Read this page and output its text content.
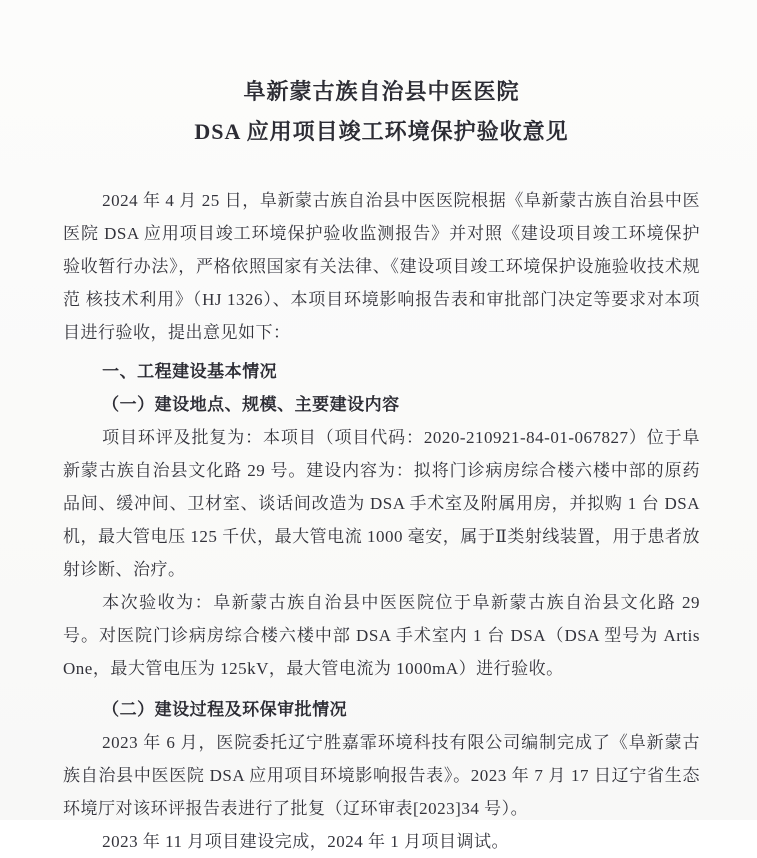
阜新蒙古族自治县中医医院
DSA 应用项目竣工环境保护验收意见

2024 年 4 月 25 日，阜新蒙古族自治县中医医院根据《阜新蒙古族自治县中医医院 DSA 应用项目竣工环境保护验收监测报告》并对照《建设项目竣工环境保护验收暂行办法》，严格依照国家有关法律、《建设项目竣工环境保护设施验收技术规范 核技术利用》（HJ 1326）、本项目环境影响报告表和审批部门决定等要求对本项目进行验收，提出意见如下：

一、工程建设基本情况
（一）建设地点、规模、主要建设内容

项目环评及批复为：本项目（项目代码：2020-210921-84-01-067827）位于阜新蒙古族自治县文化路 29 号。建设内容为：拟将门诊病房综合楼六楼中部的原药品间、缓冲间、卫材室、谈话间改造为 DSA 手术室及附属用房，并拟购 1 台 DSA 机，最大管电压 125 千伏，最大管电流 1000 毫安，属于Ⅱ类射线装置，用于患者放射诊断、治疗。

本次验收为：阜新蒙古族自治县中医医院位于阜新蒙古族自治县文化路 29 号。对医院门诊病房综合楼六楼中部 DSA 手术室内 1 台 DSA（DSA 型号为 Artis One，最大管电压为 125kV，最大管电流为 1000mA）进行验收。

（二）建设过程及环保审批情况

2023 年 6 月，医院委托辽宁胜嘉霏环境科技有限公司编制完成了《阜新蒙古族自治县中医医院 DSA 应用项目环境影响报告表》。2023 年 7 月 17 日辽宁省生态环境厅对该环评报告表进行了批复（辽环审表[2023]34 号）。

2023 年 11 月项目建设完成，2024 年 1 月项目调试。
